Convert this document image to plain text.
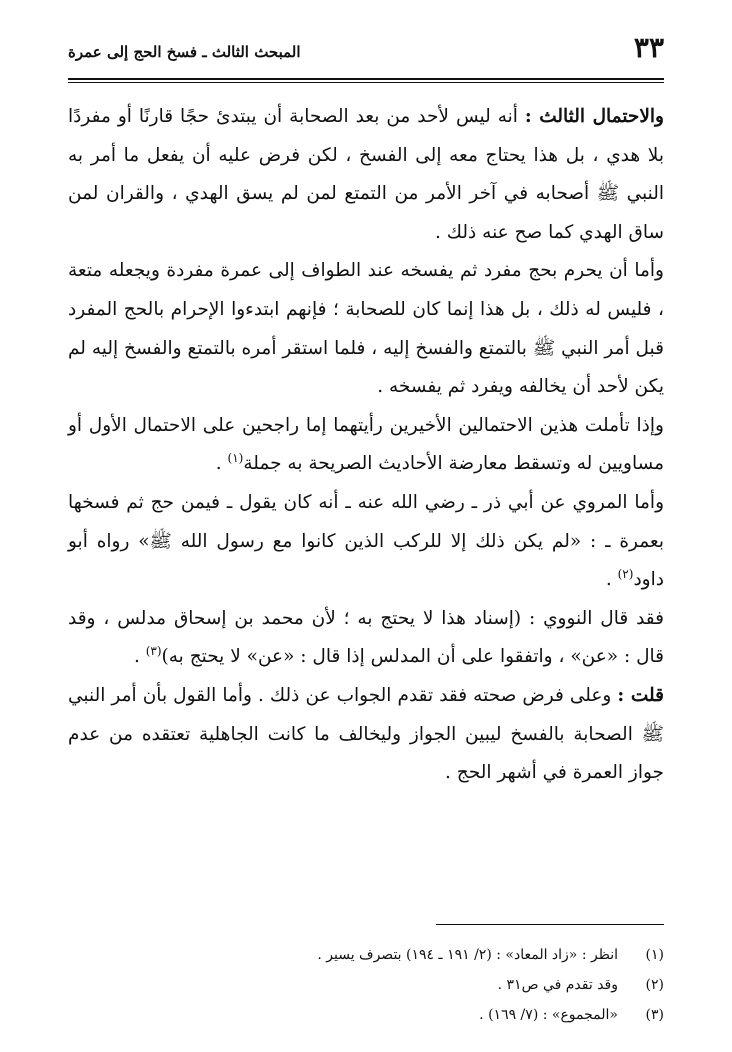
٣٣
المبحث الثالث ـ فسخ الحج إلى عمرة

والاحتمال الثالث : أنه ليس لأحد من بعد الصحابة أن يبتدئ حجًا قارنًا أو مفردًا بلا هدي ، بل هذا يحتاج معه إلى الفسخ ، لكن فرض عليه أن يفعل ما أمر به النبي ﷺ أصحابه في آخر الأمر من التمتع لمن لم يسق الهدي ، والقران لمن ساق الهدي كما صح عنه ذلك .

وأما أن يحرم بحج مفرد ثم يفسخه عند الطواف إلى عمرة مفردة ويجعله متعة ، فليس له ذلك ، بل هذا إنما كان للصحابة ؛ فإنهم ابتدءوا الإحرام بالحج المفرد قبل أمر النبي ﷺ بالتمتع والفسخ إليه ، فلما استقر أمره بالتمتع والفسخ إليه لم يكن لأحد أن يخالفه ويفرد ثم يفسخه .

وإذا تأملت هذين الاحتمالين الأخيرين رأيتهما إما راجحين على الاحتمال الأول أو مساويين له وتسقط معارضة الأحاديث الصريحة به جملة$^{(١)}$ .

وأما المروي عن أبي ذر ـ رضي الله عنه ـ أنه كان يقول ـ فيمن حج ثم فسخها بعمرة ـ : «لم يكن ذلك إلا للركب الذين كانوا مع رسول الله ﷺ» رواه أبو داود$^{(٢)}$ .

فقد قال النووي : (إسناد هذا لا يحتج به ؛ لأن محمد بن إسحاق مدلس ، وقد قال : «عن» ، واتفقوا على أن المدلس إذا قال : «عن» لا يحتج به)$^{(٣)}$ .

قلت : وعلى فرض صحته فقد تقدم الجواب عن ذلك . وأما القول بأن أمر النبي ﷺ الصحابة بالفسخ ليبين الجواز وليخالف ما كانت الجاهلية تعتقده من عدم جواز العمرة في أشهر الحج .

(١)
انظر : «زاد المعاد» : (٢/ ١٩١ ـ ١٩٤) بتصرف يسير .

(٢)
وقد تقدم في ص٣١ .

(٣)
«المجموع» : (٧/ ١٦٩) .
